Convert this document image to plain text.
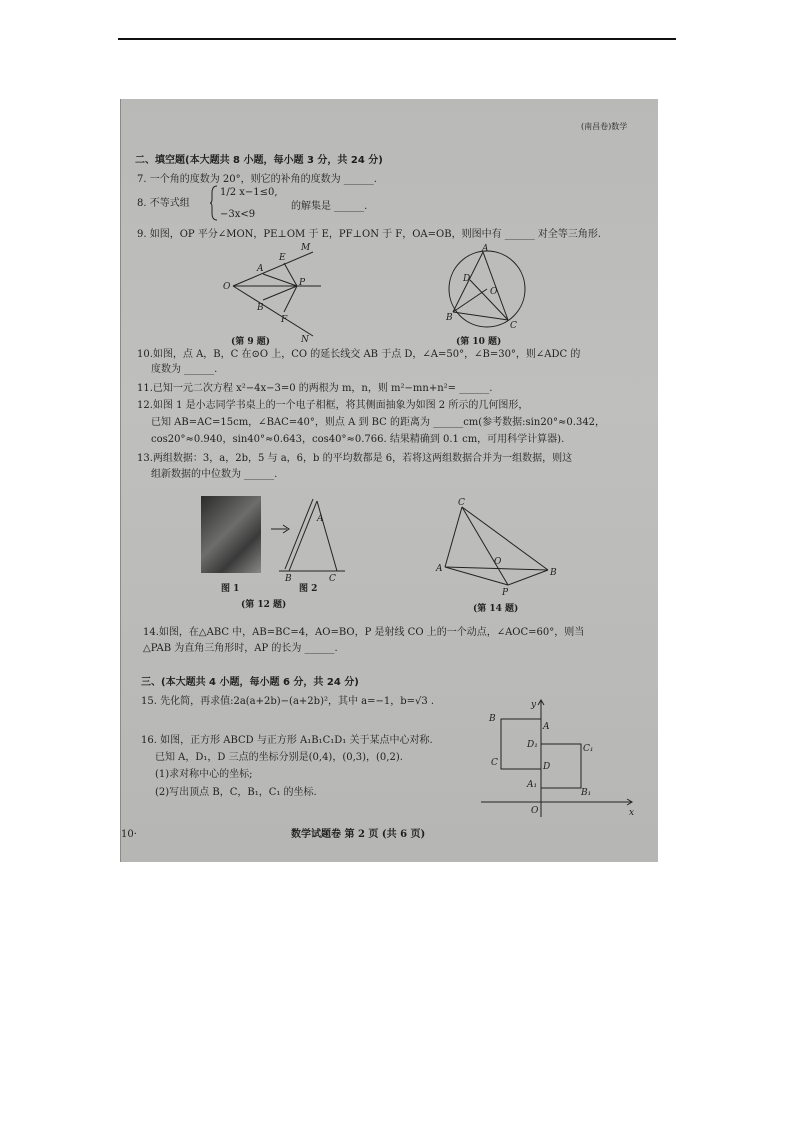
(南昌卷)数学
二、填空题(本大题共 8 小题，每小题 3 分，共 24 分)
7. 一个角的度数为 20°，则它的补角的度数为 ______.
8. 不等式组
1/2 x−1≤0,
−3x<9
的解集是 ______.
9. 如图，OP 平分∠MON，PE⊥OM 于 E，PF⊥ON 于 F，OA=OB，则图中有 ______ 对全等三角形.
M
E
A
O	P
B
F
N
(第 9 题)
A
D
O
B
C
(第 10 题)
10.如图，点 A，B，C 在⊙O 上，CO 的延长线交 AB 于点 D，∠A=50°，∠B=30°，则∠ADC 的
度数为 ______.
11.已知一元二次方程 x²−4x−3=0 的两根为 m，n，则 m²−mn+n²= ______.
12.如图 1 是小志同学书桌上的一个电子相框，将其侧面抽象为如图 2 所示的几何图形，
已知 AB=AC=15cm，∠BAC=40°，则点 A 到 BC 的距离为 ______cm(参考数据:sin20°≈0.342，
cos20°≈0.940，sin40°≈0.643，cos40°≈0.766. 结果精确到 0.1 cm，可用科学计算器).
13.两组数据：3，a，2b，5 与 a，6，b 的平均数都是 6，若将这两组数据合并为一组数据，则这
组新数据的中位数为 ______.
A
B	C
图 1	图 2
(第 12 题)
C
O
A	B
P
(第 14 题)
14.如图，在△ABC 中，AB=BC=4，AO=BO，P 是射线 CO 上的一个动点，∠AOC=60°，则当
△PAB 为直角三角形时，AP 的长为 ______.
三、(本大题共 4 小题，每小题 6 分，共 24 分)
15. 先化简，再求值:2a(a+2b)−(a+2b)²，其中 a=−1，b=√3 .
16. 如图，正方形 ABCD 与正方形 A₁B₁C₁D₁ 关于某点中心对称.
已知 A，D₁，D 三点的坐标分别是(0,4)，(0,3)，(0,2).
(1)求对称中心的坐标;
(2)写出顶点 B，C，B₁，C₁ 的坐标.
y
B
A
D₁	C₁
C	D
A₁
B₁
O	x
10·	数学试题卷 第 2 页 (共 6 页)
